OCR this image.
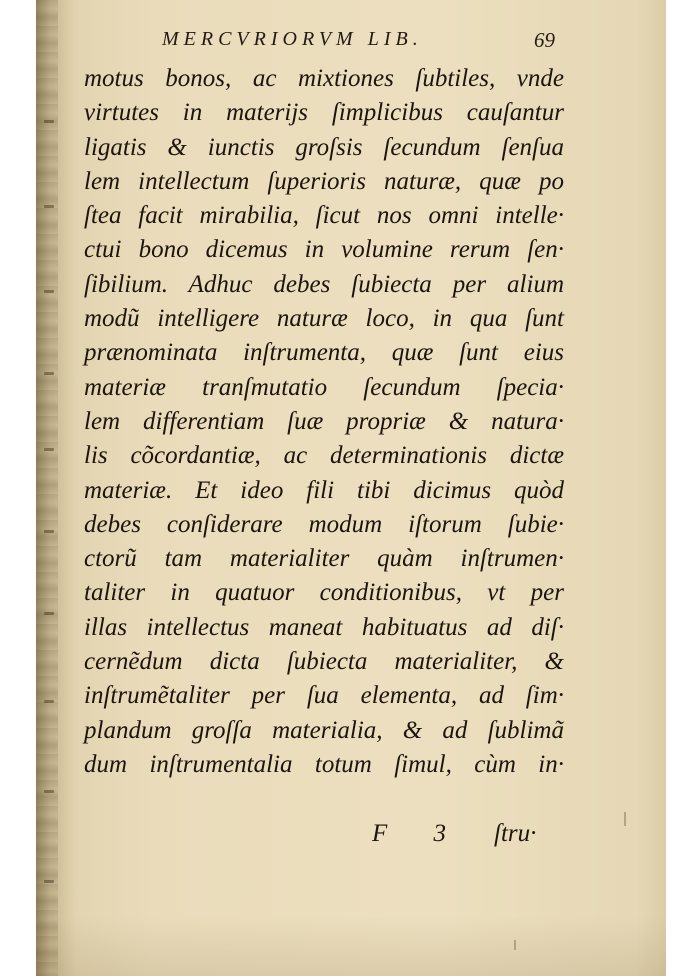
MERCVRIORVM LIB.	69
motus bonos, ac mixtiones ſubtiles, vnde
virtutes in materijs ſimplicibus cauſantur
ligatis & iunctis groſsis ſecundum ſenſua
lem intellectum ſuperioris naturæ, quæ po
ſtea facit mirabilia, ſicut nos omni intelle·
ctui bono dicemus in volumine rerum ſen·
ſibilium. Adhuc debes ſubiecta per alium
modũ intelligere naturæ loco, in qua ſunt
prænominata inſtrumenta, quæ ſunt eius
materiæ tranſmutatio ſecundum ſpecia·
lem differentiam ſuæ propriæ & natura·
lis cõcordantiæ, ac determinationis dictæ
materiæ. Et ideo fili tibi dicimus quòd
debes conſiderare modum iſtorum ſubie·
ctorũ tam materialiter quàm inſtrumen·
taliter in quatuor conditionibus, vt per
illas intellectus maneat habituatus ad diſ·
cernẽdum dicta ſubiecta materialiter, &
inſtrumẽtaliter per ſua elementa, ad ſim·
plandum groſſa materialia, & ad ſublimã
dum inſtrumentalia totum ſimul, cùm in·
F 3 ſtru·
